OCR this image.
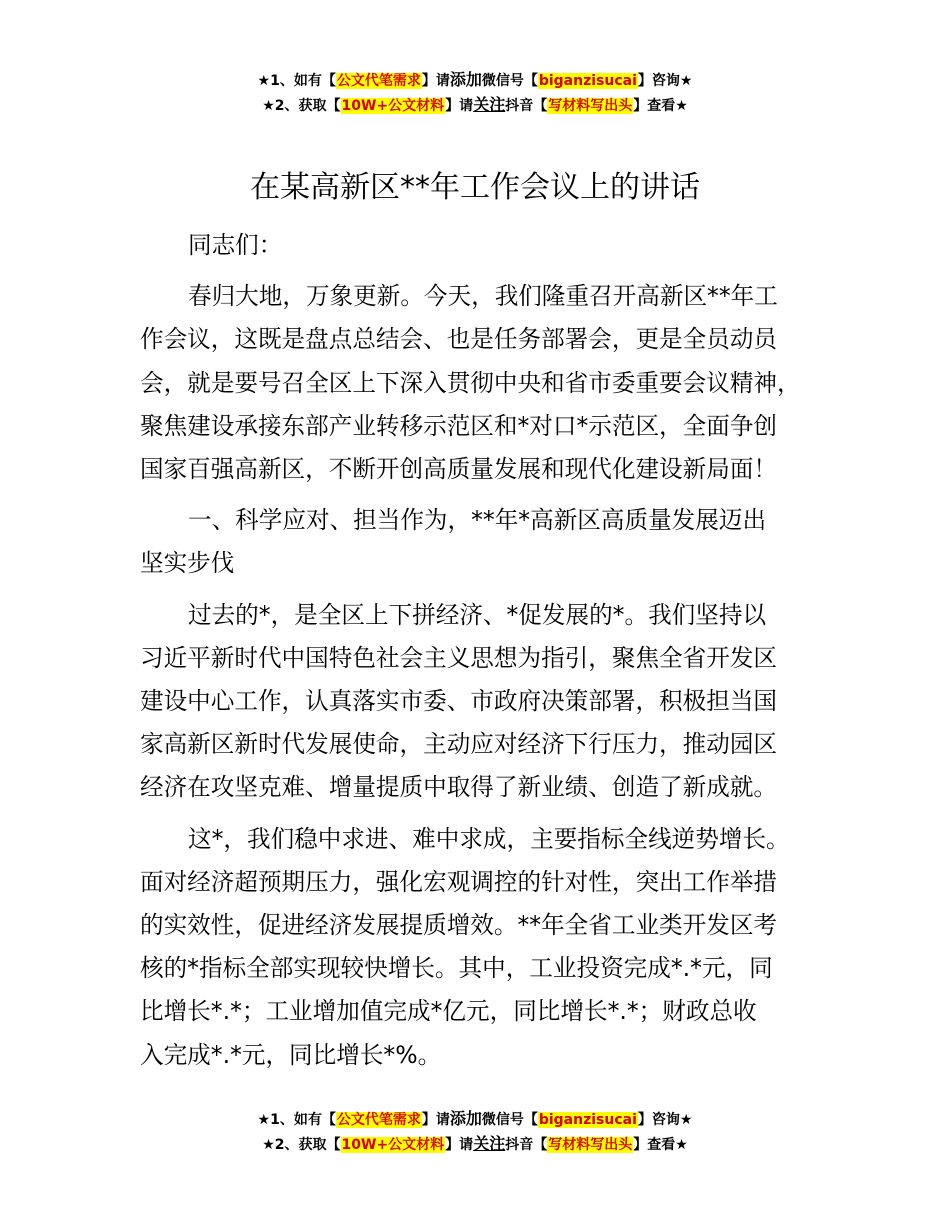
★1、如有【公文代笔需求】请添加微信号【biganzisucai】咨询★
★2、获取【10W+公文材料】请关注抖音【写材料写出头】查看★
在某高新区**年工作会议上的讲话

同志们：

春归大地，万象更新。今天，我们隆重召开高新区**年工
作会议，这既是盘点总结会、也是任务部署会，更是全员动员
会，就是要号召全区上下深入贯彻中央和省市委重要会议精神，
聚焦建设承接东部产业转移示范区和*对口*示范区，全面争创
国家百强高新区，不断开创高质量发展和现代化建设新局面！

一、科学应对、担当作为，**年*高新区高质量发展迈出
坚实步伐

过去的*，是全区上下拼经济、*促发展的*。我们坚持以
习近平新时代中国特色社会主义思想为指引，聚焦全省开发区
建设中心工作，认真落实市委、市政府决策部署，积极担当国
家高新区新时代发展使命，主动应对经济下行压力，推动园区
经济在攻坚克难、增量提质中取得了新业绩、创造了新成就。

这*，我们稳中求进、难中求成，主要指标全线逆势增长。
面对经济超预期压力，强化宏观调控的针对性，突出工作举措
的实效性，促进经济发展提质增效。**年全省工业类开发区考
核的*指标全部实现较快增长。其中，工业投资完成*.*元，同
比增长*.*；工业增加值完成*亿元，同比增长*.*；财政总收
入完成*.*元，同比增长*%。

★1、如有【公文代笔需求】请添加微信号【biganzisucai】咨询★
★2、获取【10W+公文材料】请关注抖音【写材料写出头】查看★
